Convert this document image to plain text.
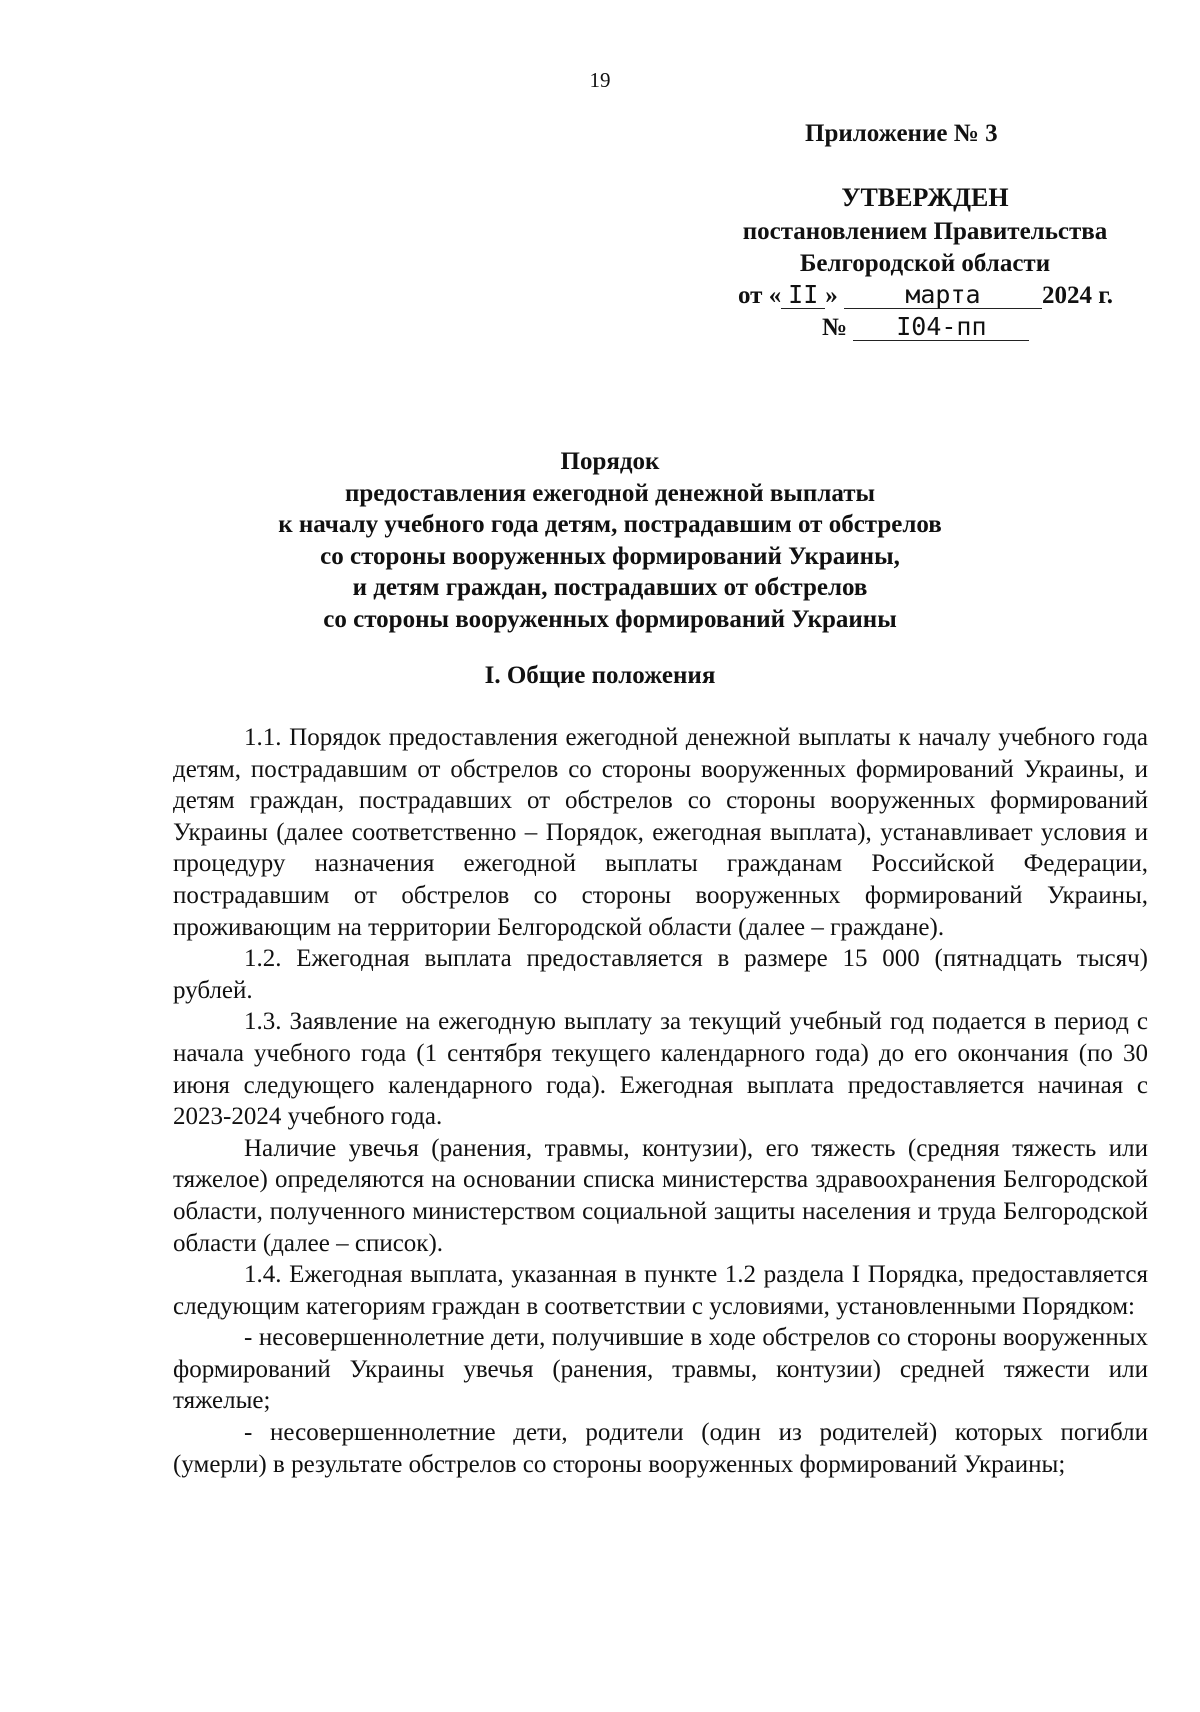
19
Приложение № 3
УТВЕРЖДЕН
постановлением Правительства
Белгородской области
от « II »	марта 2024 г.
№ I04-пп
Порядок
предоставления ежегодной денежной выплаты
к началу учебного года детям, пострадавшим от обстрелов
со стороны вооруженных формирований Украины,
и детям граждан, пострадавших от обстрелов
со стороны вооруженных формирований Украины
I. Общие положения

1.1. Порядок предоставления ежегодной денежной выплаты к началу учебного года детям, пострадавшим от обстрелов со стороны вооруженных формирований Украины, и детям граждан, пострадавших от обстрелов со стороны вооруженных формирований Украины (далее соответственно – Порядок, ежегодная выплата), устанавливает условия и процедуру назначения ежегодной выплаты гражданам Российской Федерации, пострадавшим от обстрелов со стороны вооруженных формирований Украины, проживающим на территории Белгородской области (далее – граждане).

1.2. Ежегодная выплата предоставляется в размере 15 000 (пятнадцать тысяч) рублей.

1.3. Заявление на ежегодную выплату за текущий учебный год подается в период с начала учебного года (1 сентября текущего календарного года) до его окончания (по 30 июня следующего календарного года). Ежегодная выплата предоставляется начиная с 2023-2024 учебного года.

Наличие увечья (ранения, травмы, контузии), его тяжесть (средняя тяжесть или тяжелое) определяются на основании списка министерства здравоохранения Белгородской области, полученного министерством социальной защиты населения и труда Белгородской области (далее – список).

1.4. Ежегодная выплата, указанная в пункте 1.2 раздела I Порядка, предоставляется следующим категориям граждан в соответствии с условиями, установленными Порядком:

- несовершеннолетние дети, получившие в ходе обстрелов со стороны вооруженных формирований Украины увечья (ранения, травмы, контузии) средней тяжести или тяжелые;

- несовершеннолетние дети, родители (один из родителей) которых погибли (умерли) в результате обстрелов со стороны вооруженных формирований Украины;
